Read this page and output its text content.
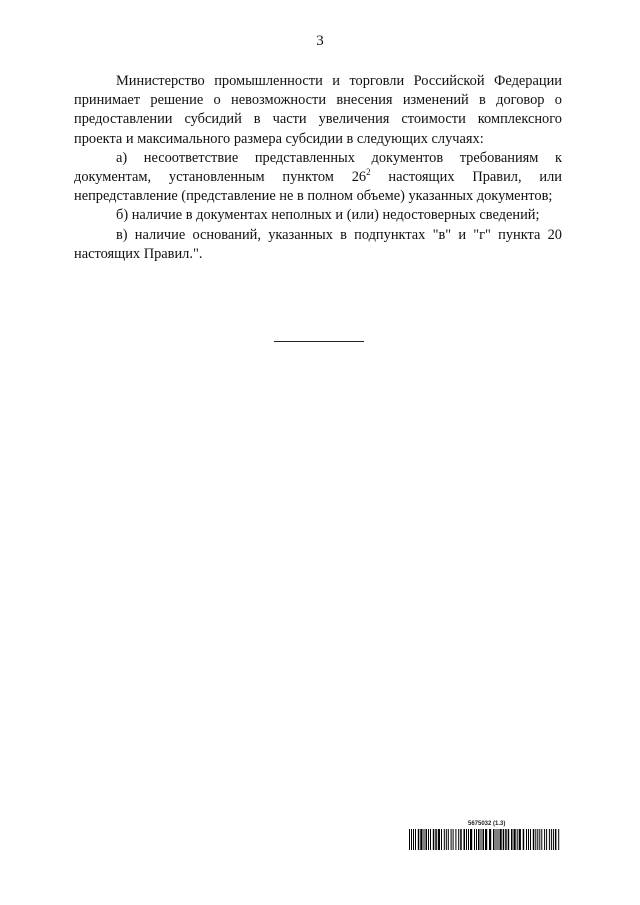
3

Министерство промышленности и торговли Российской Федерации принимает решение о невозможности внесения изменений в договор о предоставлении субсидий в части увеличения стоимости комплексного проекта и максимального размера субсидии в следующих случаях:

а) несоответствие представленных документов требованиям к документам, установленным пунктом $26^2$ настоящих Правил, или непредставление (представление не в полном объеме) указанных документов;

б) наличие в документах неполных и (или) недостоверных сведений;

в) наличие оснований, указанных в подпунктах "в" и "г" пункта 20 настоящих Правил.".

5675032 (1.3)
